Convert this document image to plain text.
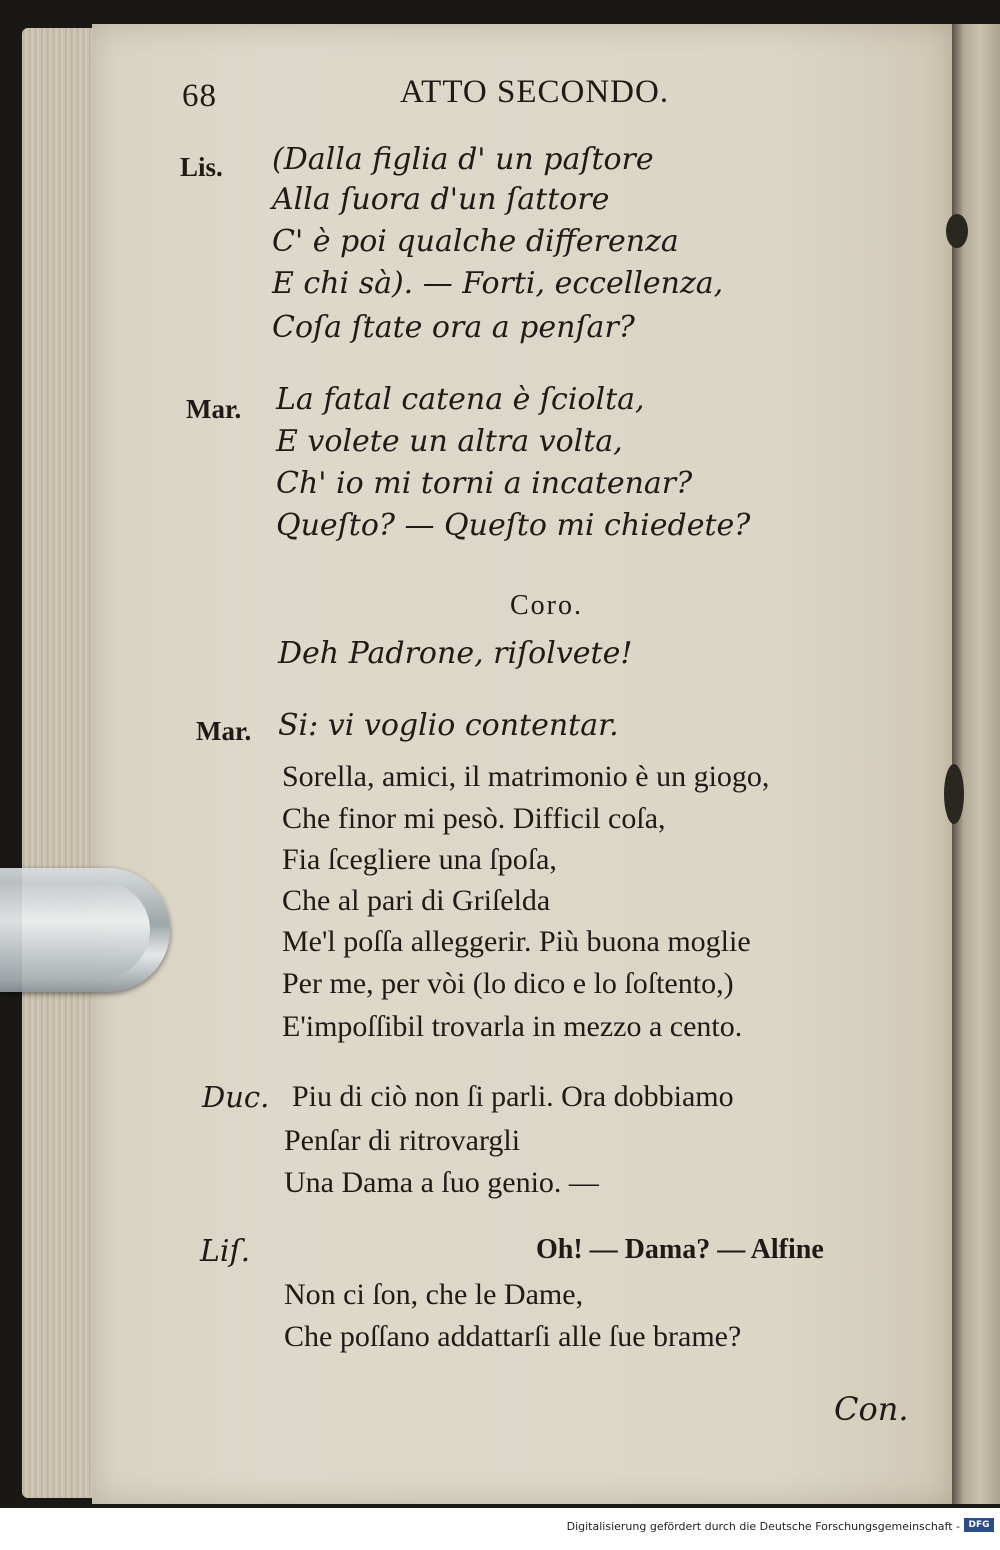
68	ATTO SECONDO.
Lis. (Dalla figlia d' un paſtore
Alla ſuora d'un ſattore
C' è poi qualche differenza
E chi sà). — Forti, eccellenza,
Coſa ſtate ora a penſar?
Mar. La fatal catena è ſciolta,
E volete un altra volta,
Ch' io mi torni a incatenar?
Queſto? — Queſto mi chiedete?
Coro.
Deh Padrone, riſolvete!
Mar. Si: vi voglio contentar.
Sorella, amici, il matrimonio è un giogo,
Che finor mi pesò. Difficil coſa,
Fia ſcegliere una ſpoſa,
Che al pari di Griſelda
Me'l poſſa alleggerir. Più buona moglie
Per me, per vòi (lo dico e lo ſoſtento,)
E'impoſſibil trovarla in mezzo a cento.
Duc. Piu di ciò non ſi parli. Ora dobbiamo
Penſar di ritrovargli
Una Dama a ſuo genio. —
Liſ.	Oh! — Dama? — Alfine
Non ci ſon, che le Dame,
Che poſſano addattarſi alle ſue brame?
Con.
Digitalisierung gefördert durch die Deutsche Forschungsgemeinschaft - DFG
